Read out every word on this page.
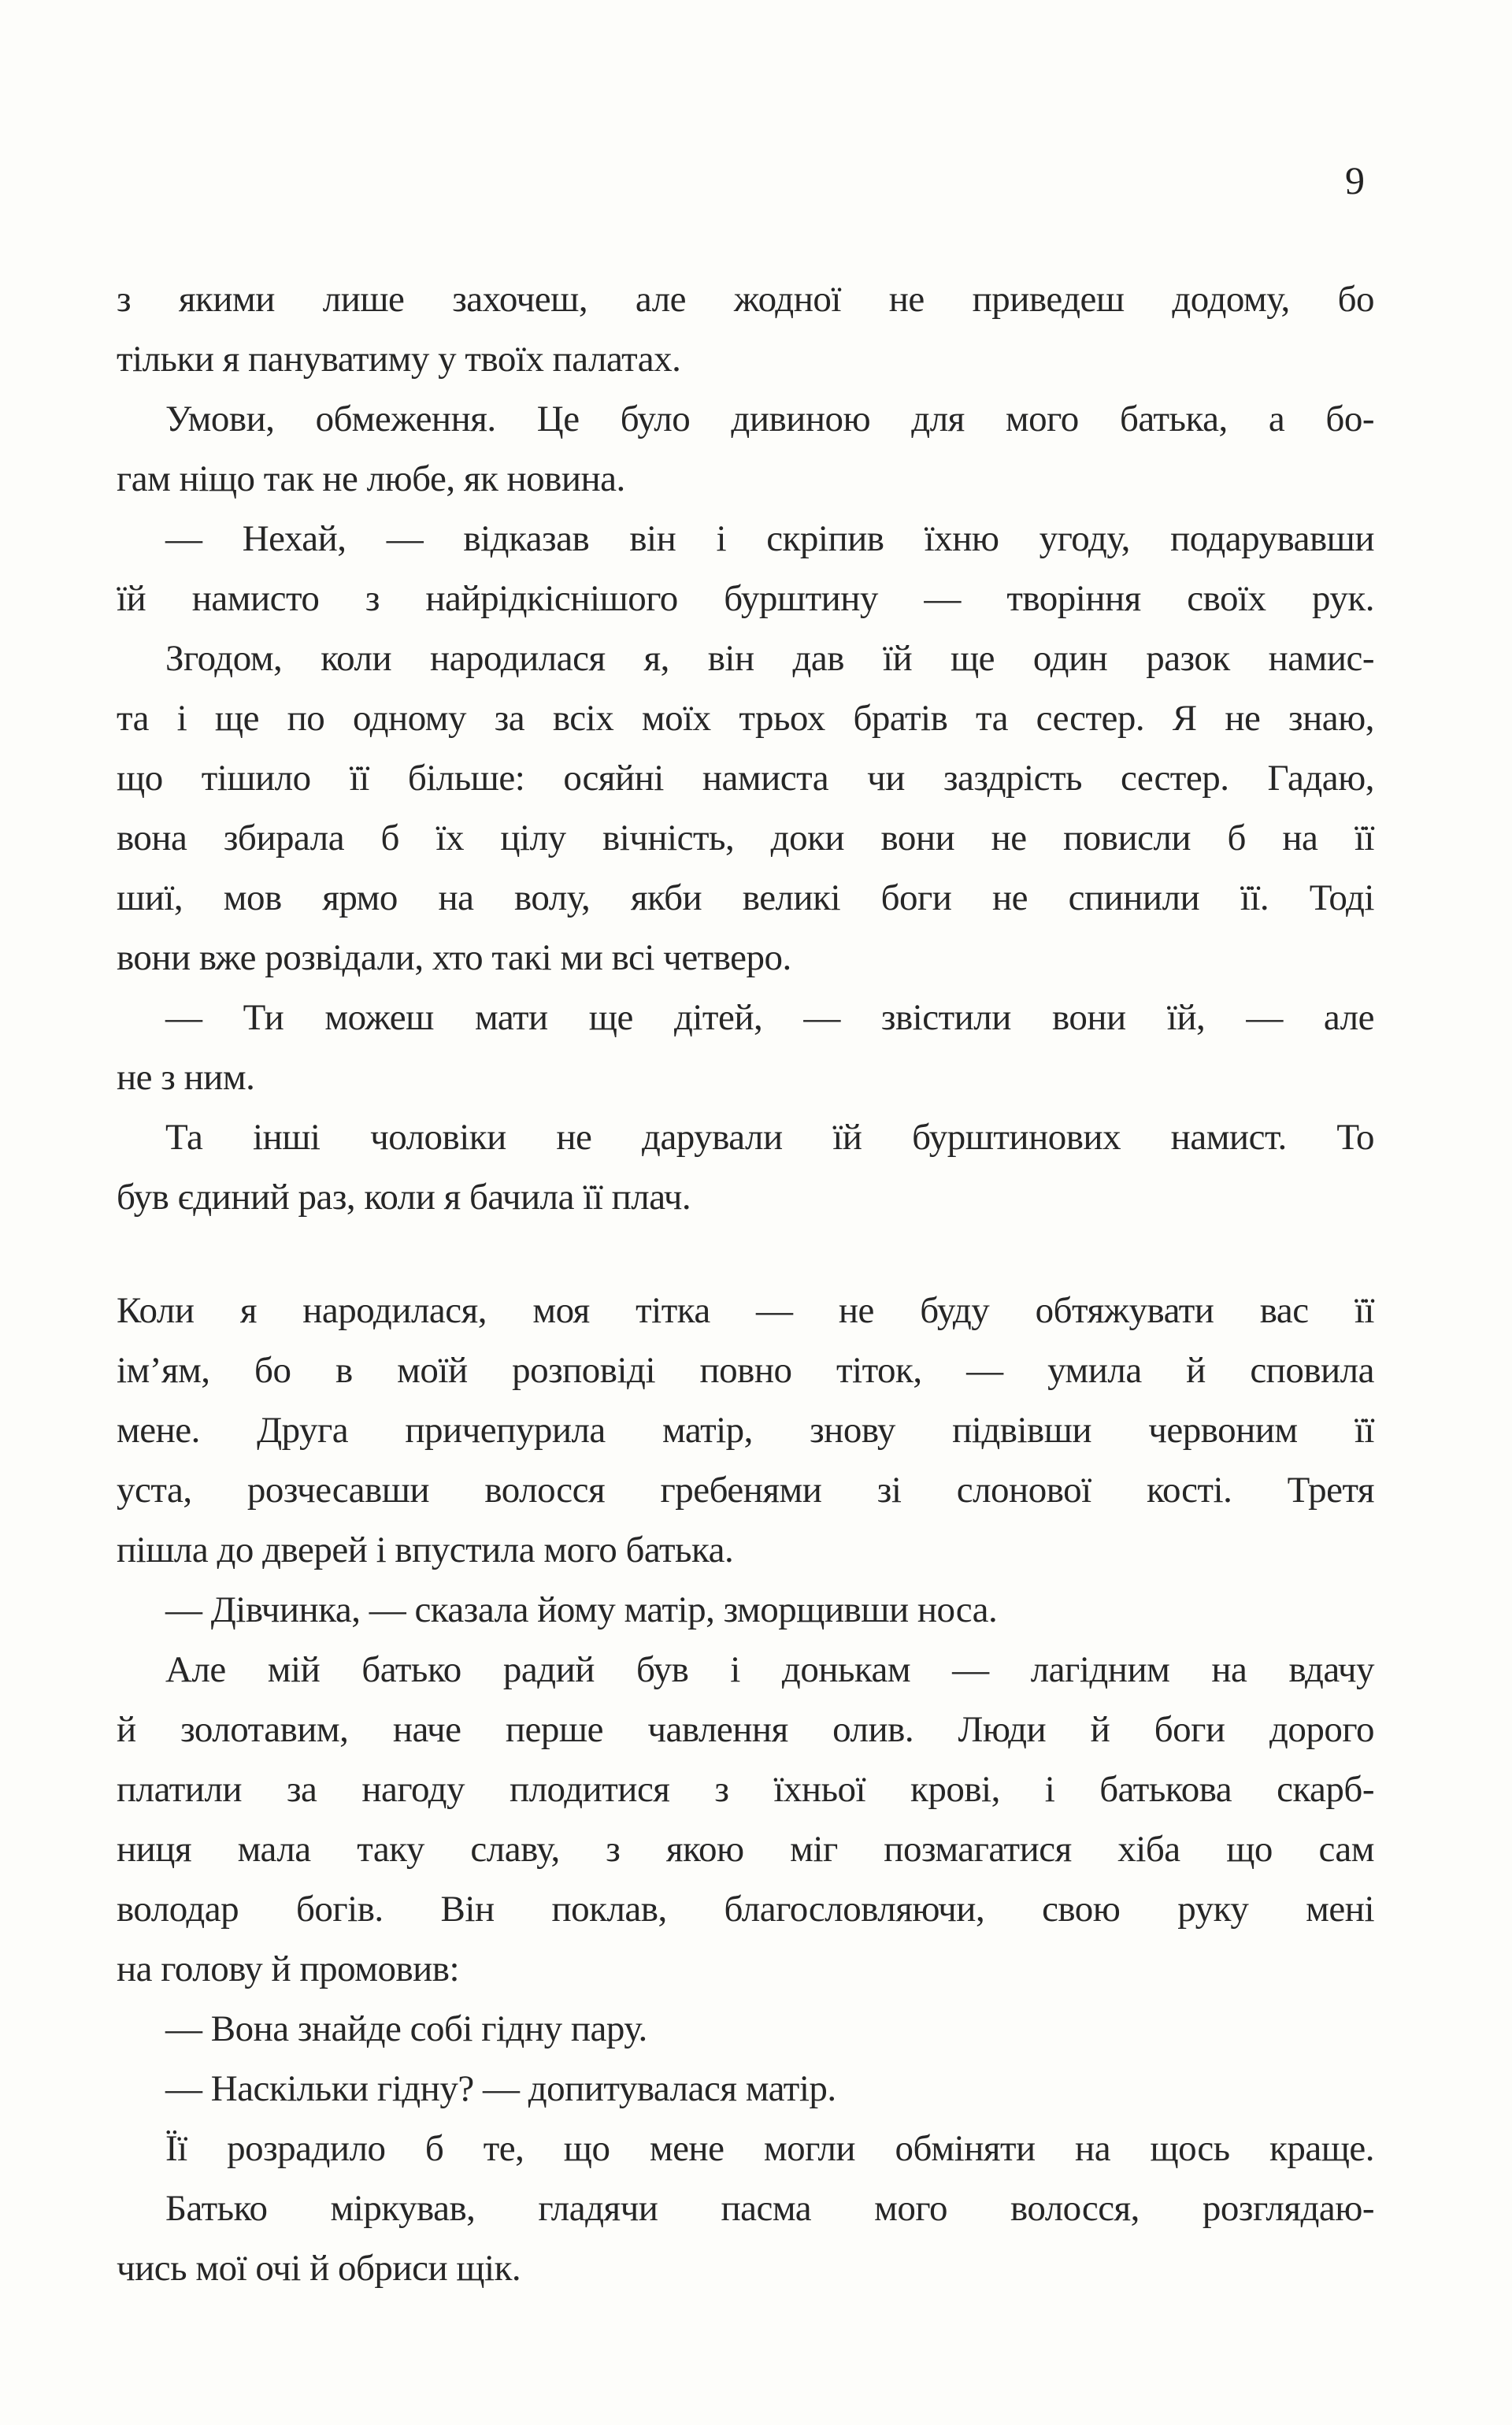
9
з якими лише захочеш, але жодної не приведеш додому, бо
тільки я пануватиму у твоїх палатах.
Умови, обмеження. Це було дивиною для мого батька, а бо-
гам ніщо так не любе, як новина.
— Нехай, — відказав він і скріпив їхню угоду, подарувавши
їй намисто з найрідкіснішого бурштину — творіння своїх рук.
Згодом, коли народилася я, він дав їй ще один разок намис-
та і ще по одному за всіх моїх трьох братів та сестер. Я не знаю,
що тішило її більше: осяйні намиста чи заздрість сестер. Гадаю,
вона збирала б їх цілу вічність, доки вони не повисли б на її
шиї, мов ярмо на волу, якби великі боги не спинили її. Тоді
вони вже розвідали, хто такі ми всі четверо.
— Ти можеш мати ще дітей, — звістили вони їй, — але
не з ним.
Та інші чоловіки не дарували їй бурштинових намист. То
був єдиний раз, коли я бачила її плач.
Коли я народилася, моя тітка — не буду обтяжувати вас її
ім’ям, бо в моїй розповіді повно тіток, — умила й сповила
мене. Друга причепурила матір, знову підвівши червоним її
уста, розчесавши волосся гребенями зі слонової кості. Третя
пішла до дверей і впустила мого батька.
— Дівчинка, — сказала йому матір, зморщивши носа.
Але мій батько радий був і донькам — лагідним на вдачу
й золотавим, наче перше чавлення олив. Люди й боги дорого
платили за нагоду плодитися з їхньої крові, і батькова скарб-
ниця мала таку славу, з якою міг позмагатися хіба що сам
володар богів. Він поклав, благословляючи, свою руку мені
на голову й промовив:
— Вона знайде собі гідну пару.
— Наскільки гідну? — допитувалася матір.
Її розрадило б те, що мене могли обміняти на щось краще.
Батько міркував, гладячи пасма мого волосся, розглядаю-
чись мої очі й обриси щік.
